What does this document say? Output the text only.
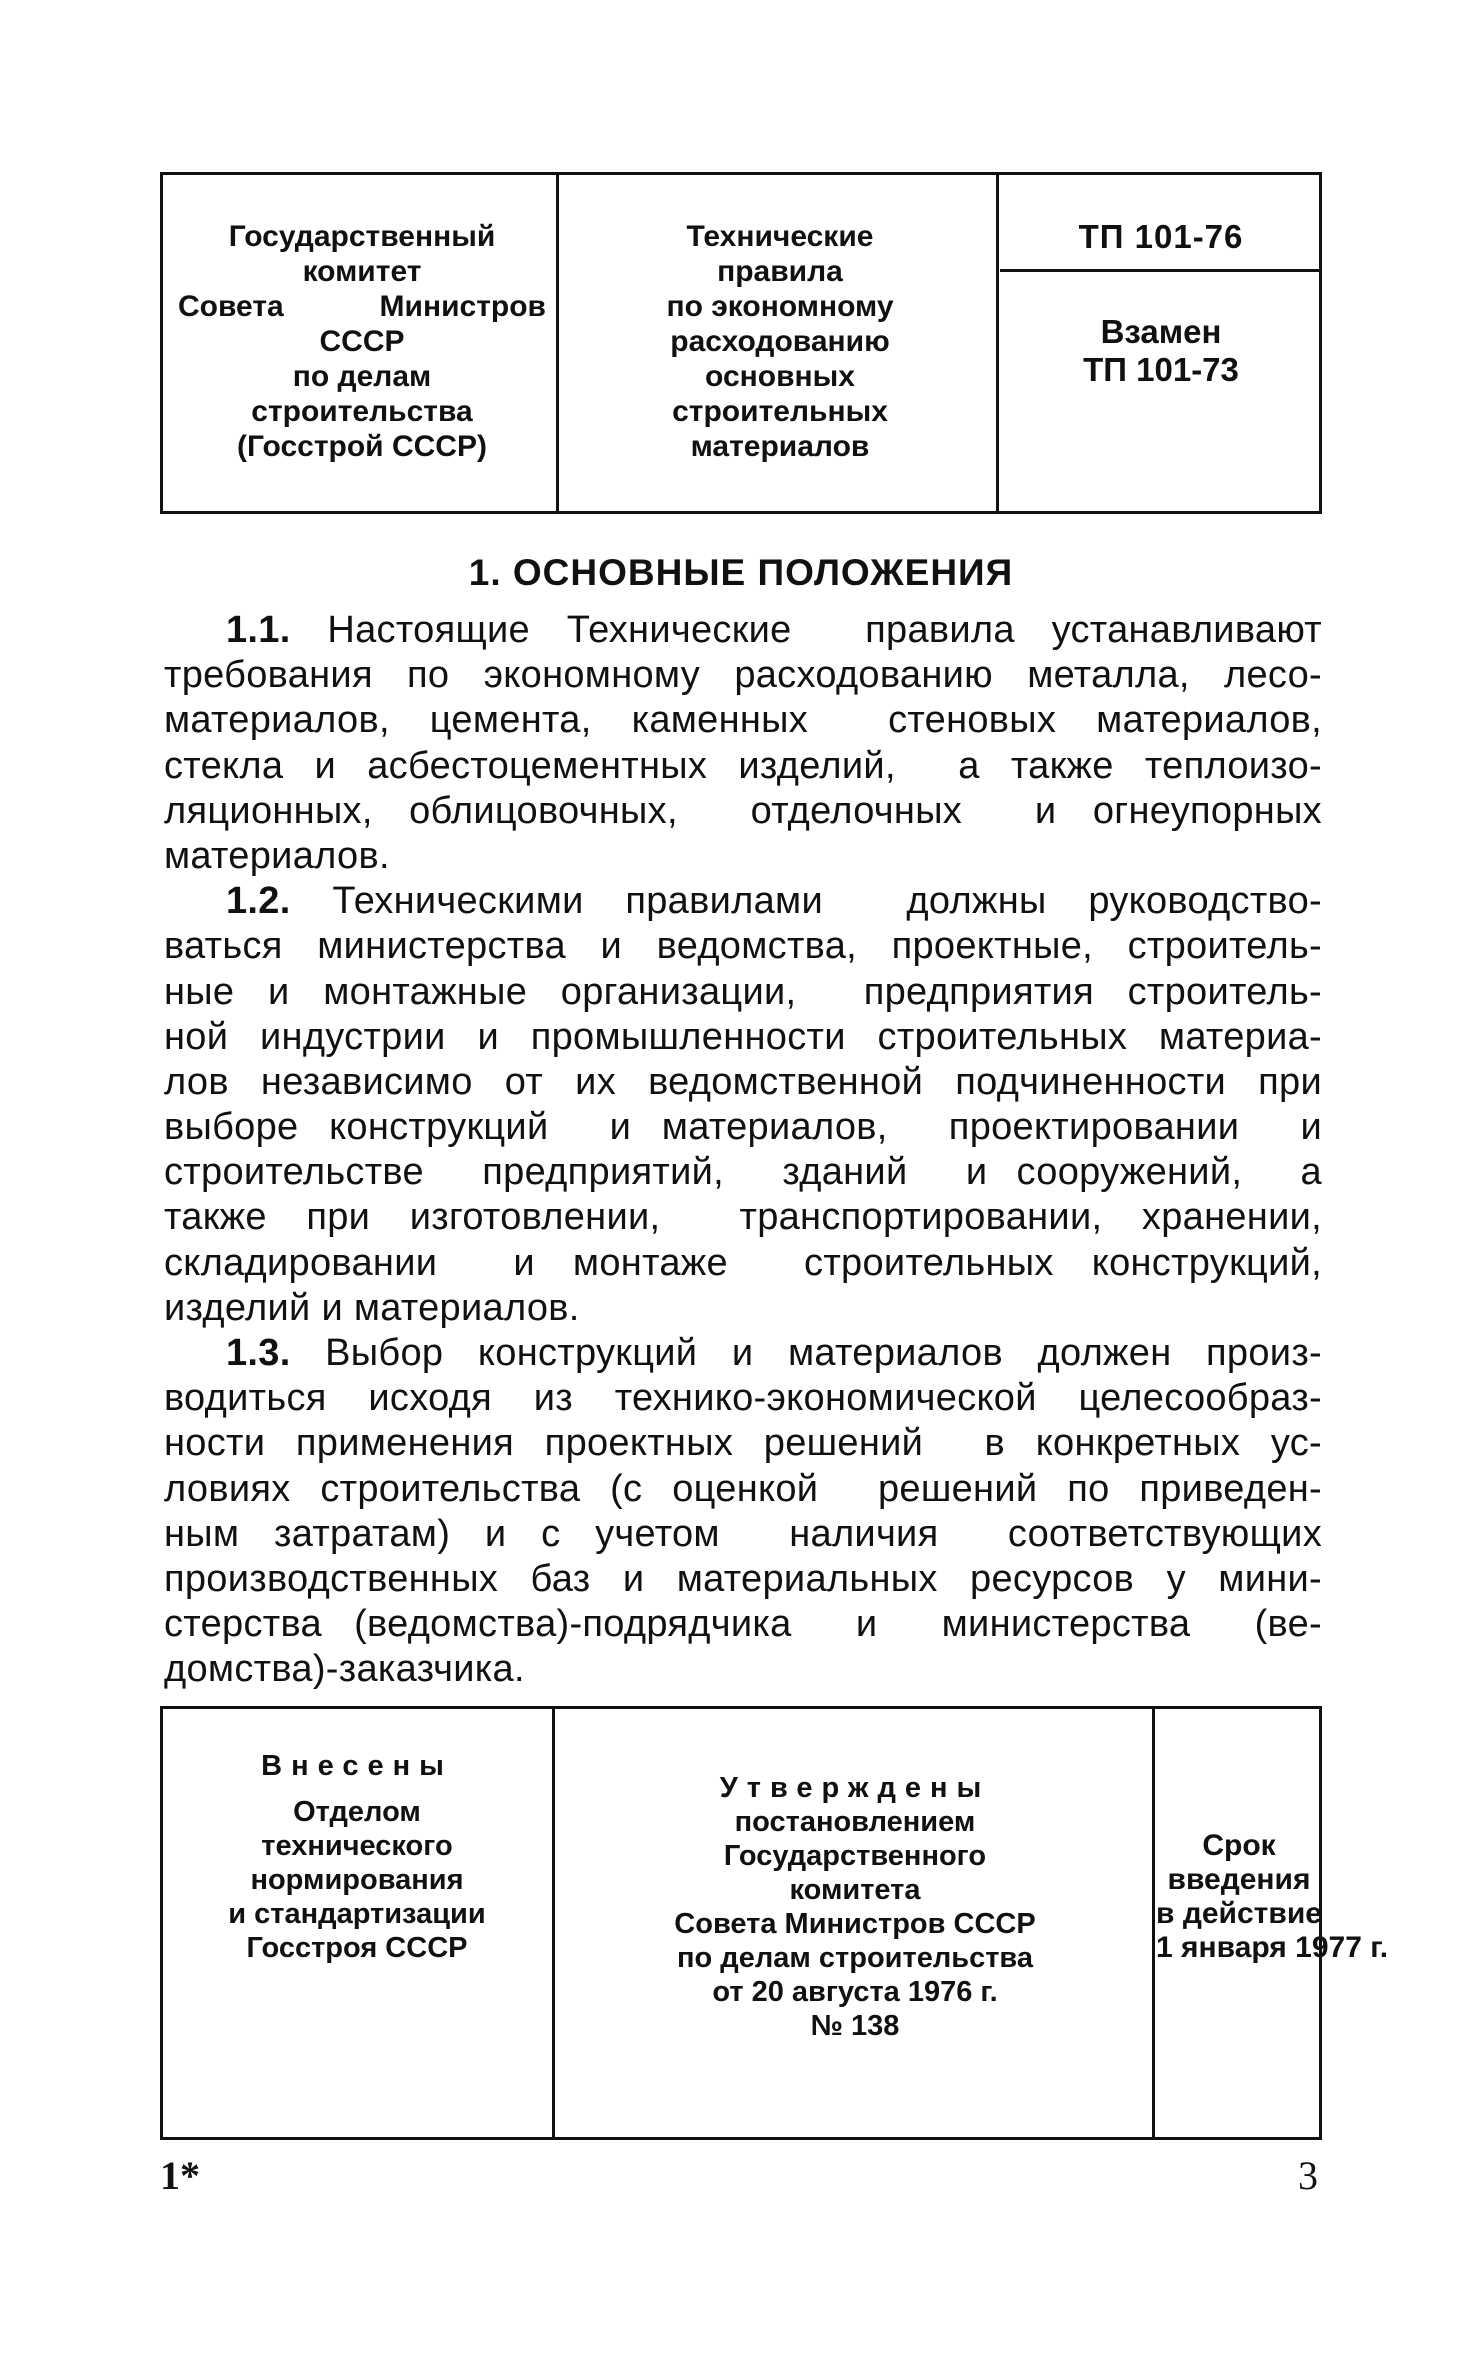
Государственный
комитет
Совета	Министров
СССР
по делам
строительства
(Госстрой СССР)
Технические
правила
по экономному
расходованию
основных
строительных
материалов
ТП 101-76
Взамен
ТП 101-73
1. ОСНОВНЫЕ ПОЛОЖЕНИЯ
1.1. Настоящие Технические  правила устанавливают
требования по экономному расходованию металла, лесо-
материалов, цемента, каменных  стеновых материалов,
стекла и асбестоцементных изделий,  а также теплоизо-
ляционных, облицовочных,  отделочных  и огнеупорных
материалов.
1.2. Техническими правилами  должны руководство-
ваться министерства и ведомства, проектные, строитель-
ные и монтажные организации,  предприятия строитель-
ной индустрии и промышленности строительных материа-
лов независимо от их ведомственной подчиненности при
выборе конструкций  и материалов,  проектировании  и
строительстве  предприятий,  зданий  и сооружений,  а
также при изготовлении,  транспортировании, хранении,
складировании  и монтаже  строительных конструкций,
изделий и материалов.
1.3. Выбор конструкций и материалов должен произ-
водиться исходя из технико-экономической целесообраз-
ности применения проектных решений  в конкретных ус-
ловиях строительства (с оценкой  решений по приведен-
ным затратам) и с учетом  наличия  соответствующих
производственных баз и материальных ресурсов у мини-
стерства (ведомства)-подрядчика  и  министерства  (ве-
домства)-заказчика.
Внесены
Отделом
технического
нормирования
и стандартизации
Госстроя СССР
Утверждены
постановлением
Государственного
комитета
Совета Министров СССР
по делам строительства
от 20 августа 1976 г.
№ 138
Срок введения
в действие
1 января 1977 г.
1*	3
